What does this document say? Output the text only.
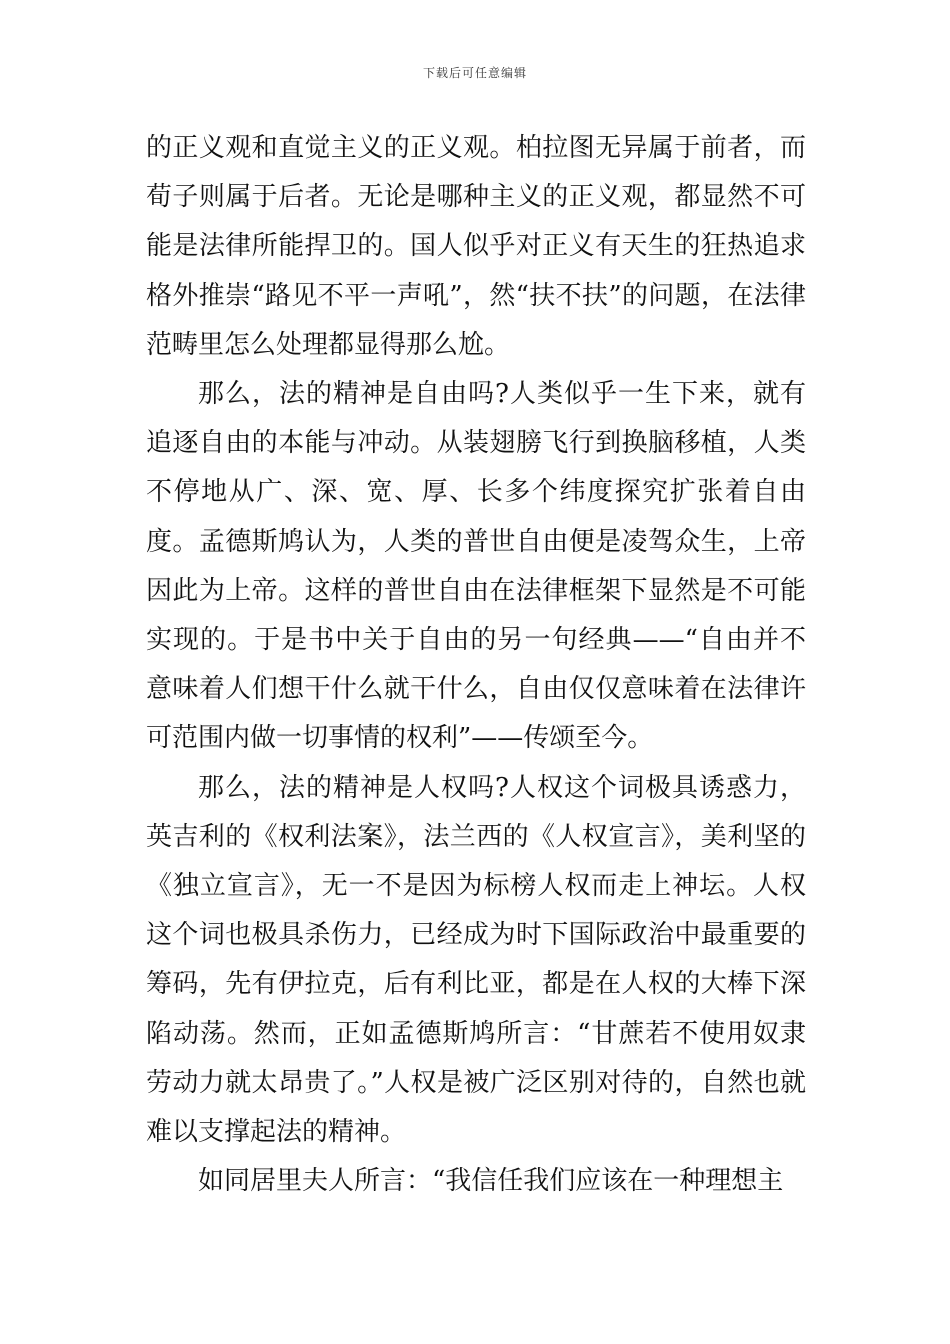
下载后可任意编辑

的正义观和直觉主义的正义观。柏拉图无异属于前者，而荀子则属于后者。无论是哪种主义的正义观，都显然不可能是法律所能捍卫的。国人似乎对正义有天生的狂热追求格外推崇“路见不平一声吼”，然“扶不扶”的问题，在法律范畴里怎么处理都显得那么尬。

那么，法的精神是自由吗?人类似乎一生下来，就有追逐自由的本能与冲动。从装翅膀飞行到换脑移植，人类不停地从广、深、宽、厚、长多个纬度探究扩张着自由度。孟德斯鸠认为，人类的普世自由便是凌驾众生，上帝因此为上帝。这样的普世自由在法律框架下显然是不可能实现的。于是书中关于自由的另一句经典——“自由并不意味着人们想干什么就干什么，自由仅仅意味着在法律许可范围内做一切事情的权利”——传颂至今。

那么，法的精神是人权吗?人权这个词极具诱惑力，英吉利的《权利法案》，法兰西的《人权宣言》，美利坚的《独立宣言》，无一不是因为标榜人权而走上神坛。人权这个词也极具杀伤力，已经成为时下国际政治中最重要的筹码，先有伊拉克，后有利比亚，都是在人权的大棒下深陷动荡。然而，正如孟德斯鸠所言：“甘蔗若不使用奴隶劳动力就太昂贵了。”人权是被广泛区别对待的，自然也就难以支撑起法的精神。

如同居里夫人所言：“我信任我们应该在一种理想主
